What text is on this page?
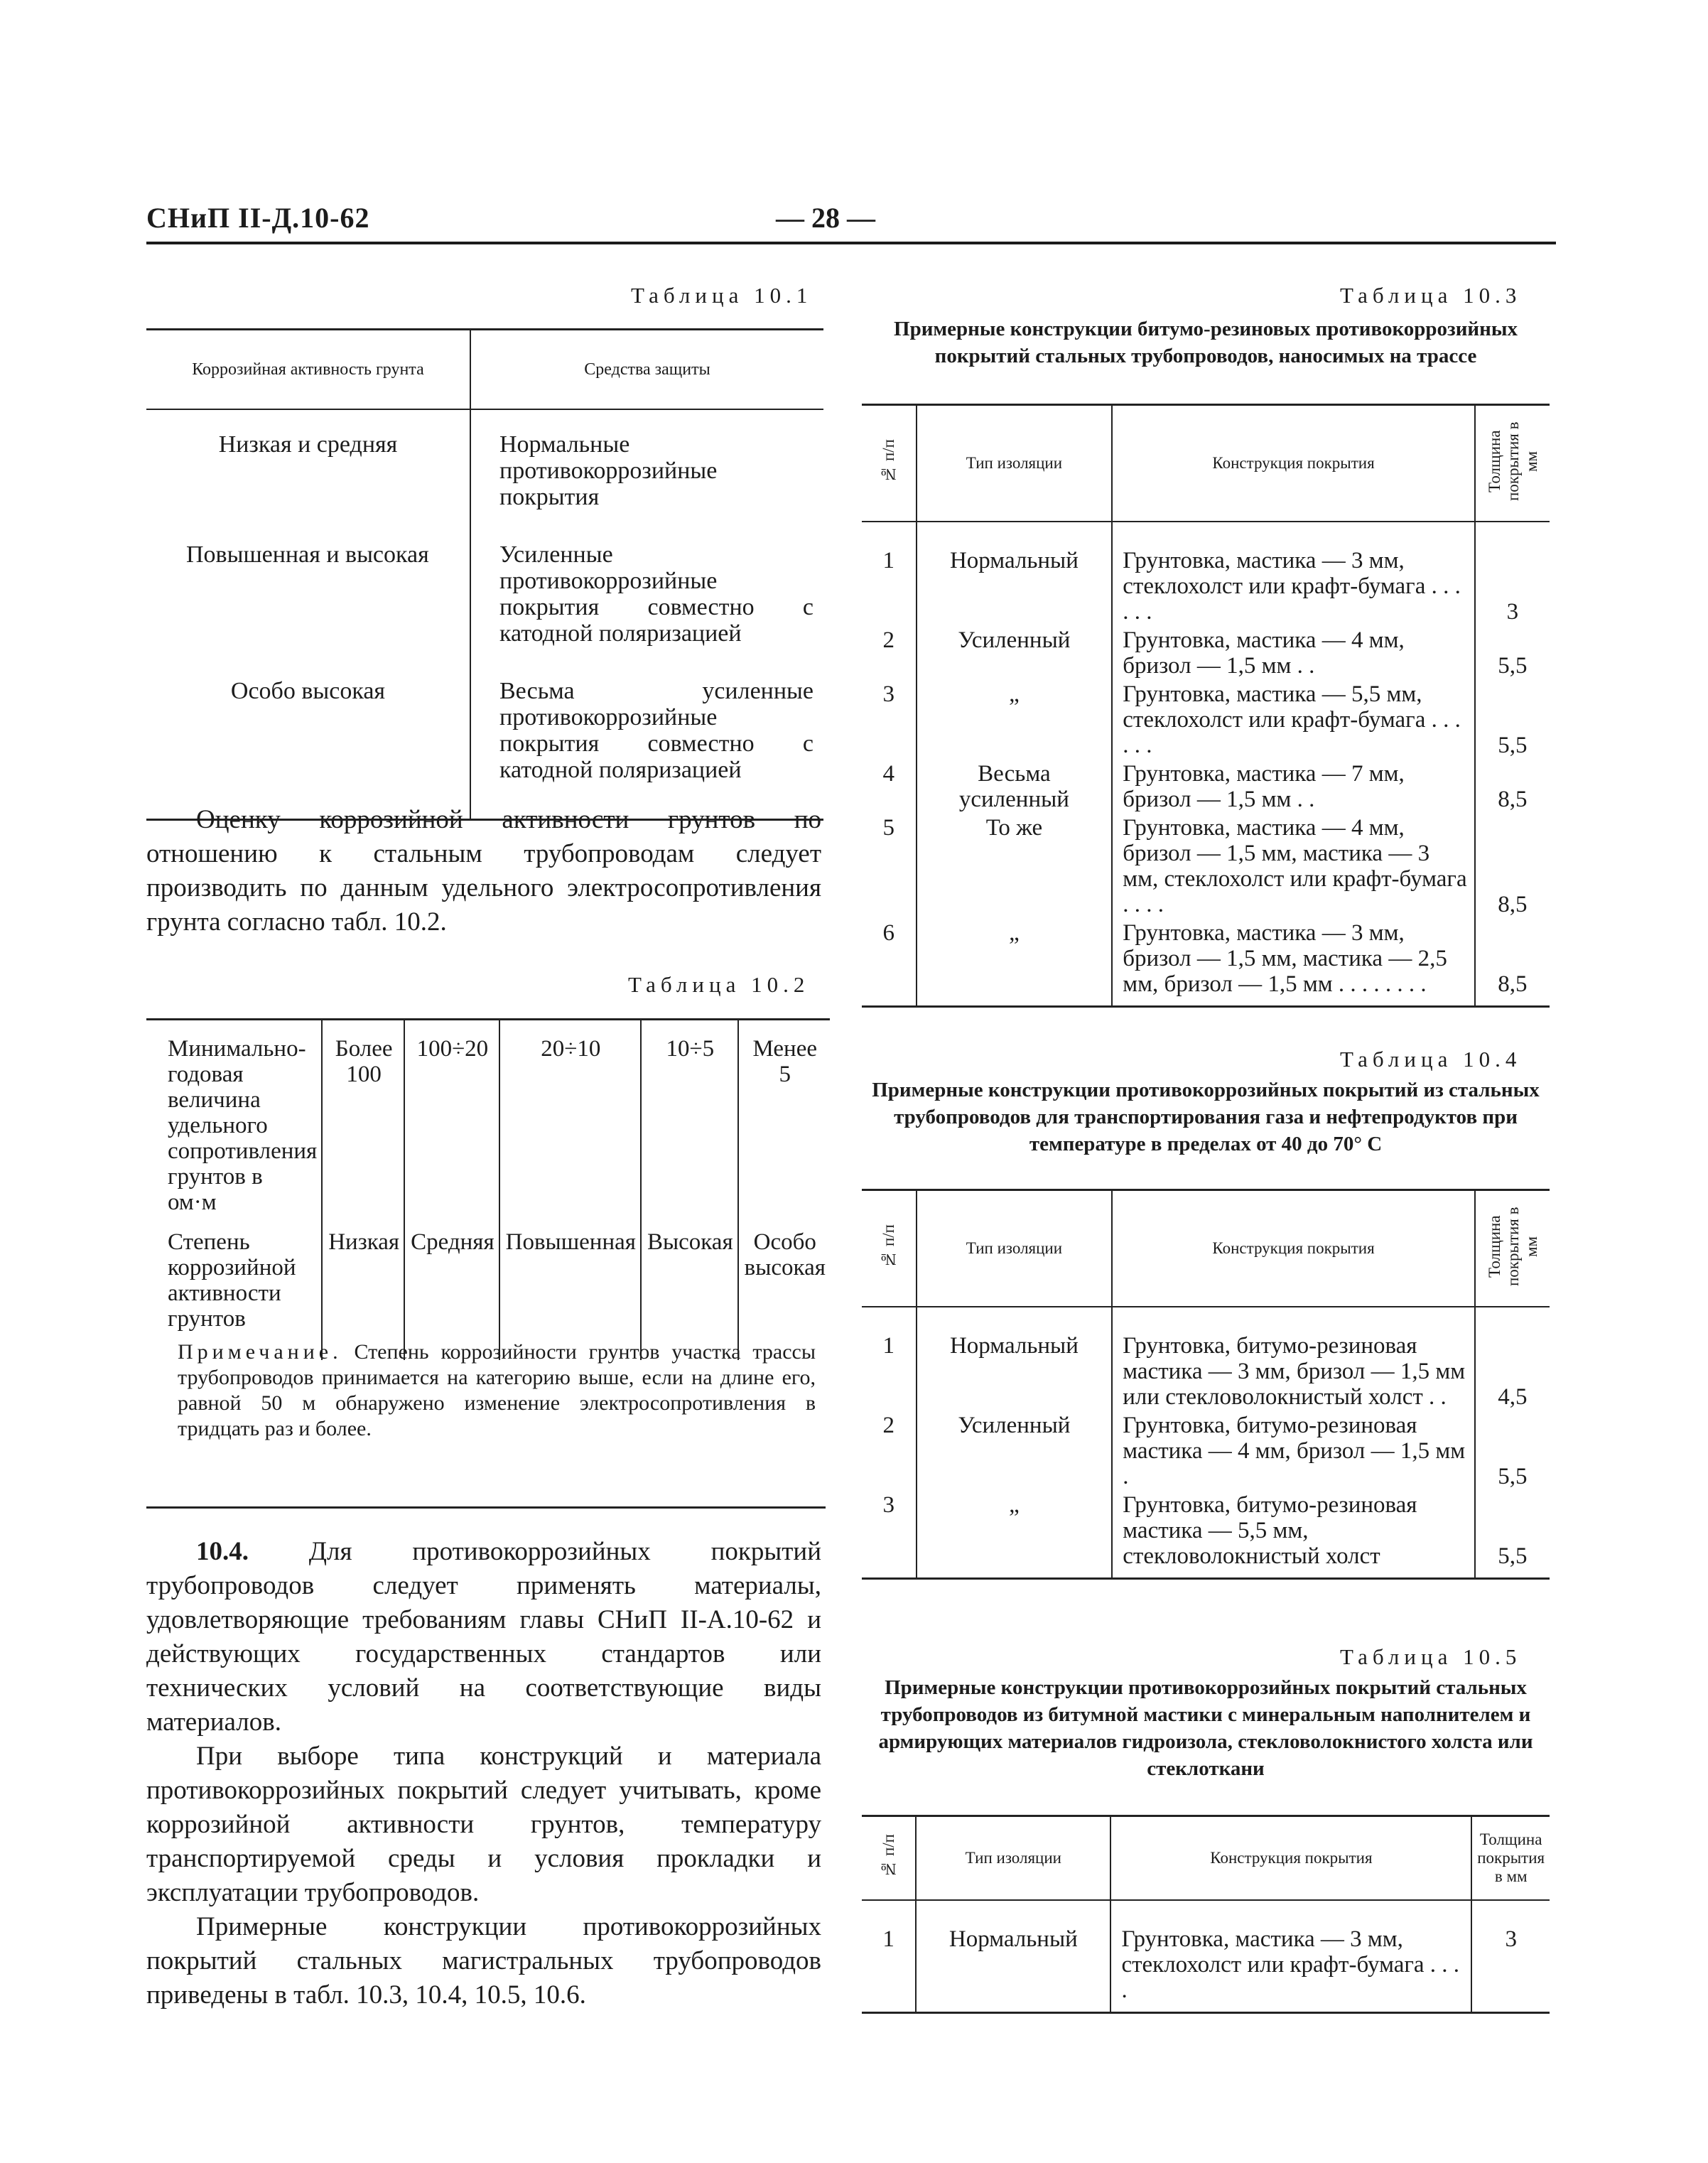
СНиП II-Д.10-62	— 28 —
Таблица 10.1
Коррозийная активность грунта	Средства защиты
Низкая и средняя	Нормальные противокоррозийные покрытия
Повышенная и высокая	Усиленные противокоррозийные покрытия совместно с катодной поляризацией
Особо высокая	Весьма усиленные противокоррозийные покрытия совместно с катодной поляризацией

Оценку коррозийной активности грунтов по отношению к стальным трубопроводам следует производить по данным удельного электросопротивления грунта согласно табл. 10.2.

Таблица 10.2
Минимально-годовая величина удельного сопротивления грунтов в ом·м	Более 100	100÷20	20÷10	10÷5	Менее 5
Степень коррозийной активности грунтов	Низкая	Средняя	Повышенная	Высокая	Особо высокая
Примечание. Степень коррозийности грунтов участка трассы трубопроводов принимается на категорию выше, если на длине его, равной 50 м обнаружено изменение электросопротивления в тридцать раз и более.

10.4. Для противокоррозийных покрытий трубопроводов следует применять материалы, удовлетворяющие требованиям главы СНиП II-А.10-62 и действующих государственных стандартов или технических условий на соответствующие виды материалов.

При выборе типа конструкций и материала противокоррозийных покрытий следует учитывать, кроме коррозийной активности грунтов, температуру транспортируемой среды и условия прокладки и эксплуатации трубопроводов.

Примерные конструкции противокоррозийных покрытий стальных магистральных трубопроводов приведены в табл. 10.3, 10.4, 10.5, 10.6.

Таблица 10.3
Примерные конструкции битумо-резиновых противокоррозийных покрытий стальных трубопроводов, наносимых на трассе
№ п/п	Тип изоляции	Конструкция покрытия	Толщина покрытия в мм
1	Нормальный	Грунтовка, мастика — 3 мм, стеклохолст или крафт-бумага . . . . . .	3
2	Усиленный	Грунтовка, мастика — 4 мм, бризол — 1,5 мм . .	5,5
3	„	Грунтовка, мастика — 5,5 мм, стеклохолст или крафт-бумага . . . . . .	5,5
4	Весьма усиленный	Грунтовка, мастика — 7 мм, бризол — 1,5 мм . .	8,5
5	То же	Грунтовка, мастика — 4 мм, бризол — 1,5 мм, мастика — 3 мм, стеклохолст или крафт-бумага . . . .	8,5
6	„	Грунтовка, мастика — 3 мм, бризол — 1,5 мм, мастика — 2,5 мм, бризол — 1,5 мм . . . . . . . .	8,5
Таблица 10.4
Примерные конструкции противокоррозийных покрытий из стальных трубопроводов для транспортирования газа и нефтепродуктов при температуре в пределах от 40 до 70° С
№ п/п	Тип изоляции	Конструкция покрытия	Толщина покрытия в мм
1	Нормальный	Грунтовка, битумо-резиновая мастика — 3 мм, бризол — 1,5 мм или стекловолокнистый холст . .	4,5
2	Усиленный	Грунтовка, битумо-резиновая мастика — 4 мм, бризол — 1,5 мм .	5,5
3	„	Грунтовка, битумо-резиновая мастика — 5,5 мм, стекловолокнистый холст	5,5
Таблица 10.5
Примерные конструкции противокоррозийных покрытий стальных трубопроводов из битумной мастики с минеральным наполнителем и армирующих материалов гидроизола, стекловолокнистого холста или стеклоткани
№ п/п	Тип изоляции	Конструкция покрытия	Толщина покрытия в мм
1	Нормальный	Грунтовка, мастика — 3 мм, стеклохолст или крафт-бумага . . . .	3
